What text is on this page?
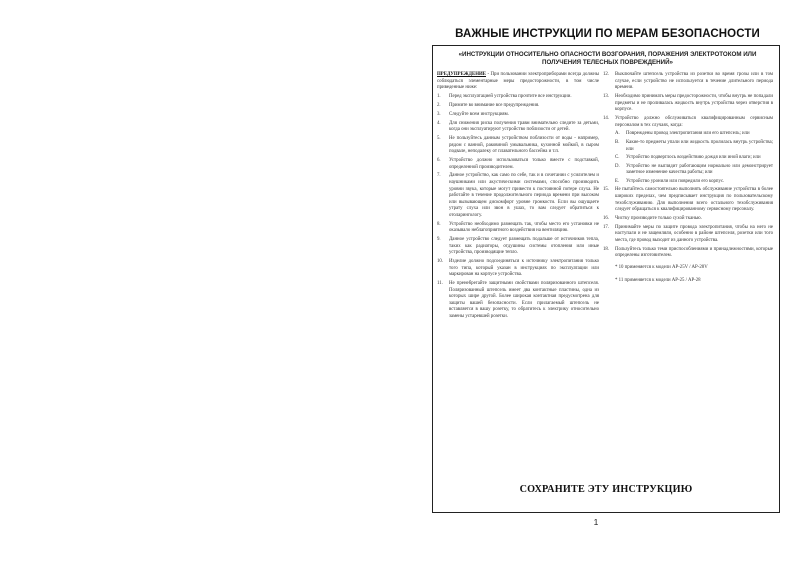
ВАЖНЫЕ ИНСТРУКЦИИ ПО МЕРАМ БЕЗОПАСНОСТИ
«ИНСТРУКЦИИ ОТНОСИТЕЛЬНО ОПАСНОСТИ ВОЗГОРАНИЯ, ПОРАЖЕНИЯ ЭЛЕКТРОТОКОМ ИЛИ ПОЛУЧЕНИЯ ТЕЛЕСНЫХ ПОВРЕЖДЕНИЙ»
ПРЕДУПРЕЖДЕНИЕ - При пользовании электроприборами всегда должны соблюдаться элементарные меры предосторожности, в том числе приведенные ниже:
1.	Перед эксплуатацией устройства прочтите все инструкции.
2.	Примите во внимание все предупреждения.
3.	Следуйте всем инструкциям.
4.	Для снижения риска получения травм внимательно следите за детьми, когда они эксплуатируют устройство поблизости от детей.
5.	Не пользуйтесь данным устройством поблизости от воды - например, рядом с ванной, раковиной умывальника, кухонной мойкой, в сыром подвале, неподалеку от плавательного бассейна и т.п.
6.	Устройство должно использоваться только вместе с подставкой, определенной производителем.
7.	Данное устройство, как само по себе, так и в сочетании с усилителем и наушниками или акустическими системами, способно производить уровни звука, которые могут привести к постоянной потере слуха. Не работайте в течение продолжительного периода времени при высоком или вызывающем дискомфорт уровне громкости. Если вы ощущаете утрату слуха или звон в ушах, то вам следует обратиться к отоларингологу.
8.	Устройство необходимо размещать так, чтобы место его установки не оказывало неблагоприятного воздействия на вентиляцию.
9.	Данное устройство следует размещать подальше от источников тепла, таких как радиаторы, отдушины системы отопления или иные устройства, производящие тепло.
10.	Изделие должно подсоединяться к источнику электропитания только того типа, который указан в инструкциях по эксплуатации или маркирован на корпусе устройства.
11.	Не пренебрегайте защитными свойствами поляризованного штепселя. Поляризованный штепсель имеет два контактные пластины, одна из которых шире другой. Более широкая контактная предусмотрена для защиты вашей безопасности. Если прилагаемый штепсель не вставляется в вашу розетку, то обратитесь к электрику относительно замены устаревшей розетки.
12.	Выключайте штепсель устройства из розетки во время грозы или в том случае, если устройство не используется в течение длительного периода времени.
13.	Необходимо принимать меры предосторожности, чтобы внутрь не попадали предметы и не проливалась жидкость внутрь устройства через отверстия в корпусе.
14.	Устройство должно обслуживаться квалифицированным сервисным персоналом в тех случаях, когда:
A.	Повреждены провод электропитания или его штепсель; или
B.	Какие-то предметы упали или жидкость пролилась внутрь устройства; или
C.	Устройство подверглось воздействию дождя или иной влаги; или
D.	Устройство не выглядит работающим нормально или демонстрирует заметное изменение качества работы; или
E.	Устройство уронили или повредили его корпус.
15.	Не пытайтесь самостоятельно выполнять обслуживание устройства в более широких пределах, чем предписывает инструкция по пользовательскому техобслуживанию. Для выполнения всего остального техобслуживания следует обращаться к квалифицированному сервисному персоналу.
16.	Чистку производите только сухой тканью.
17.	Принимайте меры по защите провода электропитания, чтобы на него не наступали и не защемляли, особенно в районе штепселя, розетки или того места, где провод выходит из данного устройства.
18.	Пользуйтесь только теми приспособлениями и принадлежностями, которые определены изготовителем.
* 10 применяется к модели AP-25V / AP-28V
* 11 применяется к модели AP-25 / AP-28
СОХРАНИТЕ ЭТУ ИНСТРУКЦИЮ
1
